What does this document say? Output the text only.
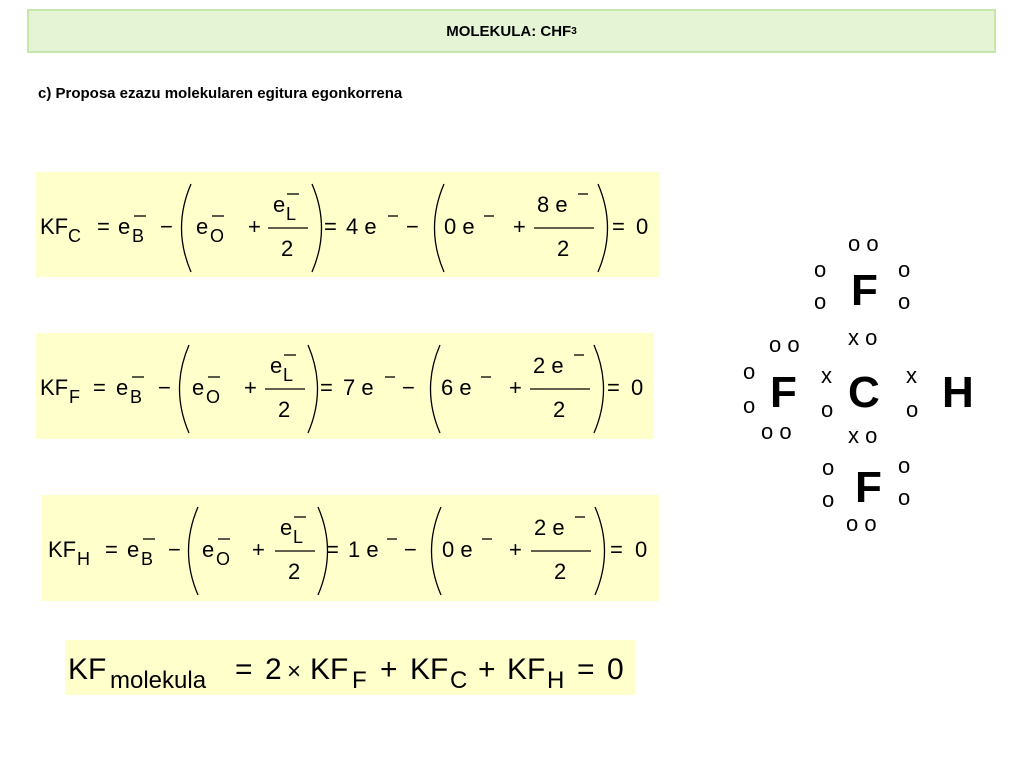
MOLEKULA: CHF 3
c) Proposa ezazu molekularen egitura egonkorrena
KF C = e B − e O +
e L
2
= 4 e − 0 e +
8 e
2
= 0
KF F = e B − e O +
e L
2
= 7 e − 6 e +
2 e
2
= 0
KF H = e B − e O +
e L
2
= 1 e − 0 e +
2 e
2
= 0
KF molekula = 2 × KF F + KF C + KF H = 0
o o
o	o
F
o	o
x o
o o
o
o F
o o
x
o C x
o H
x o
o	o
F
o	o
o o
